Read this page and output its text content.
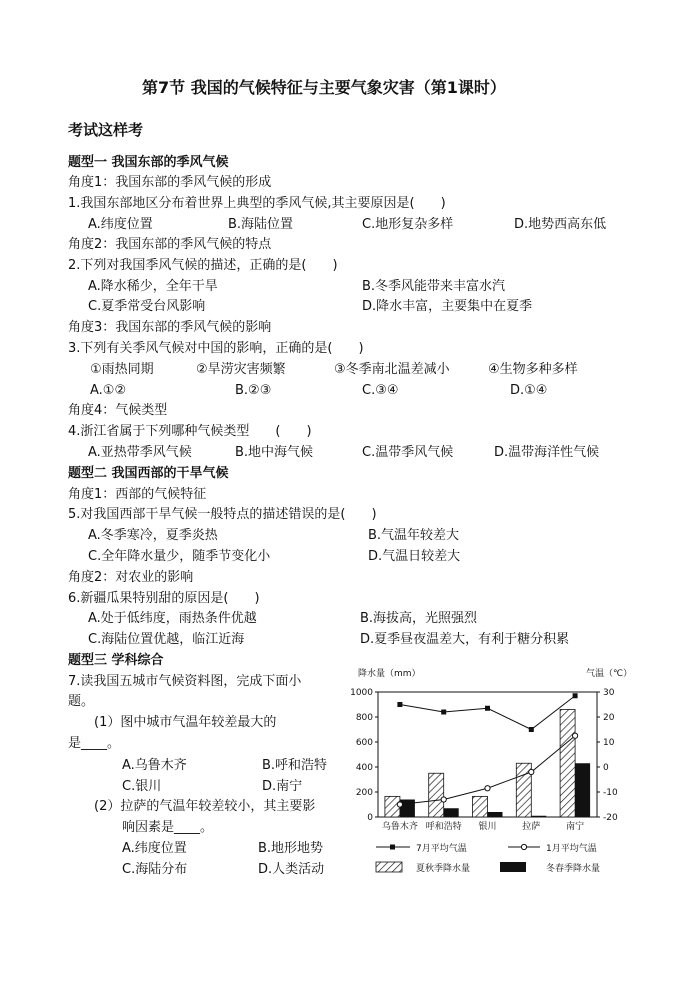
第7节 我国的气候特征与主要气象灾害（第1课时）
考试这样考
题型一 我国东部的季风气候
角度1：我国东部的季风气候的形成
1.我国东部地区分布着世界上典型的季风气候,其主要原因是(　　)
A.纬度位置	B.海陆位置	C.地形复杂多样	D.地势西高东低
角度2：我国东部的季风气候的特点
2.下列对我国季风气候的描述，正确的是(　　)
A.降水稀少，全年干旱	B.冬季风能带来丰富水汽
C.夏季常受台风影响	D.降水丰富，主要集中在夏季
角度3：我国东部的季风气候的影响
3.下列有关季风气候对中国的影响，正确的是(　　)
①雨热同期	②旱涝灾害频繁	③冬季南北温差减小	④生物多种多样
A.①②	B.②③	C.③④	D.①④
角度4：气候类型
4.浙江省属于下列哪种气候类型　　(　　)
A.亚热带季风气候	B.地中海气候	C.温带季风气候	D.温带海洋性气候
题型二 我国西部的干旱气候
角度1：西部的气候特征
5.对我国西部干旱气候一般特点的描述错误的是(　　)
A.冬季寒冷，夏季炎热	B.气温年较差大
C.全年降水量少，随季节变化小	D.气温日较差大
角度2：对农业的影响
6.新疆瓜果特别甜的原因是(　　)
A.处于低纬度，雨热条件优越	B.海拔高，光照强烈
C.海陆位置优越，临江近海	D.夏季昼夜温差大，有利于糖分积累
题型三 学科综合
7.读我国五城市气候资料图，完成下面小
题。
(1）图中城市气温年较差最大的
是____。
A.乌鲁木齐	B.呼和浩特
C.银川	D.南宁
(2）拉萨的气温年较差较小，其主要影
响因素是____。
A.纬度位置	B.地形地势
C.海陆分布	D.人类活动
降水量（mm）	气温（℃）
0
200
400
600
800
1000
-20
-10
0
10
20
30
乌鲁木齐 呼和浩特 银川	拉萨	南宁
7月平均气温	1月平均气温
夏秋季降水量	冬春季降水量
